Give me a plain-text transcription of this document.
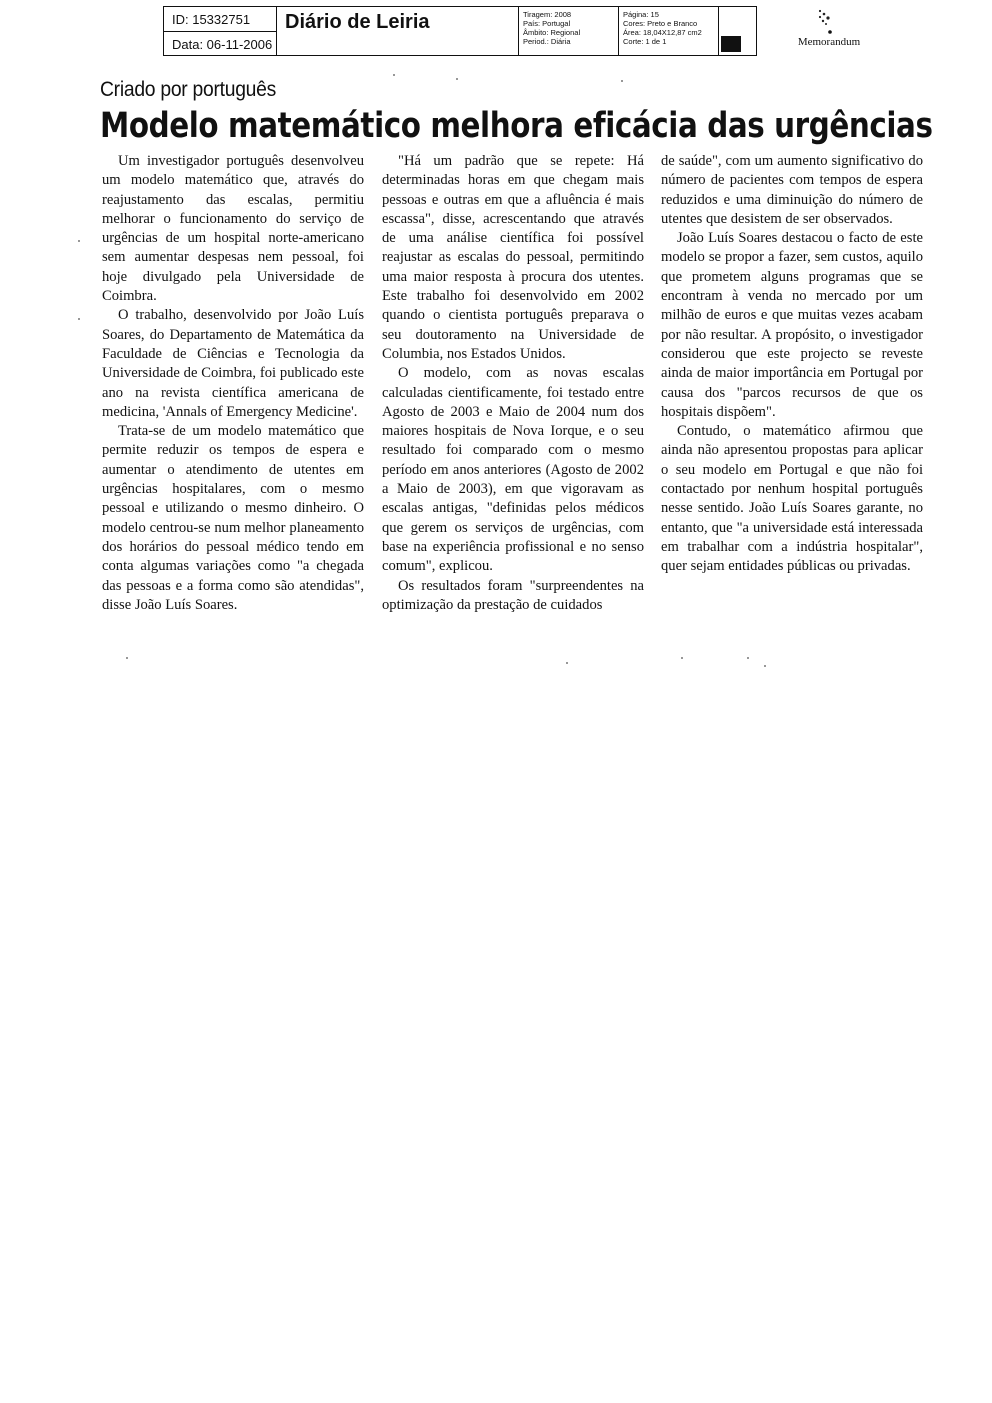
ID: 15332751
Data: 06-11-2006
Diário de Leiria	Tiragem: 2008
País: Portugal
Âmbito: Regional
Period.: Diária
Página: 15
Cores: Preto e Branco
Área: 18,04X12,87 cm2
Corte: 1 de 1	Memorandum
Criado por português
Modelo matemático melhora eficácia das urgências

Um investigador português desenvolveu um modelo matemático que, através do reajustamento das escalas, permitiu melhorar o funcionamento do serviço de urgências de um hospital norte-americano sem aumentar despesas nem pessoal, foi hoje divulgado pela Universidade de Coimbra.

O trabalho, desenvolvido por João Luís Soares, do Departamento de Matemática da Faculdade de Ciências e Tecnologia da Universidade de Coimbra, foi publicado este ano na revista científica americana de medicina, 'Annals of Emergency Medicine'.

Trata-se de um modelo matemático que permite reduzir os tempos de espera e aumentar o atendimento de utentes em urgências hospitalares, com o mesmo pessoal e utilizando o mesmo dinheiro. O modelo centrou-se num melhor planeamento dos horários do pessoal médico tendo em conta algumas variações como "a chegada das pessoas e a forma como são atendidas", disse João Luís Soares.

"Há um padrão que se repete: Há determinadas horas em que chegam mais pessoas e outras em que a afluência é mais escassa", disse, acrescentando que através de uma análise científica foi possível reajustar as escalas do pessoal, permitindo uma maior resposta à procura dos utentes. Este trabalho foi desenvolvido em 2002 quando o cientista português preparava o seu doutoramento na Universidade de Columbia, nos Estados Unidos.

O modelo, com as novas escalas calculadas cientificamente, foi testado entre Agosto de 2003 e Maio de 2004 num dos maiores hospitais de Nova Iorque, e o seu resultado foi comparado com o mesmo período em anos anteriores (Agosto de 2002 a Maio de 2003), em que vigoravam as escalas antigas, "definidas pelos médicos que gerem os serviços de urgências, com base na experiência profissional e no senso comum", explicou.

Os resultados foram "surpreendentes na optimização da prestação de cuidados

de saúde", com um aumento significativo do número de pacientes com tempos de espera reduzidos e uma diminuição do número de utentes que desistem de ser observados.

João Luís Soares destacou o facto de este modelo se propor a fazer, sem custos, aquilo que prometem alguns programas que se encontram à venda no mercado por um milhão de euros e que muitas vezes acabam por não resultar. A propósito, o investigador considerou que este projecto se reveste ainda de maior importância em Portugal por causa dos "parcos recursos de que os hospitais dispõem".

Contudo, o matemático afirmou que ainda não apresentou propostas para aplicar o seu modelo em Portugal e que não foi contactado por nenhum hospital português nesse sentido. João Luís Soares garante, no entanto, que "a universidade está interessada em trabalhar com a indústria hospitalar", quer sejam entidades públicas ou privadas.
